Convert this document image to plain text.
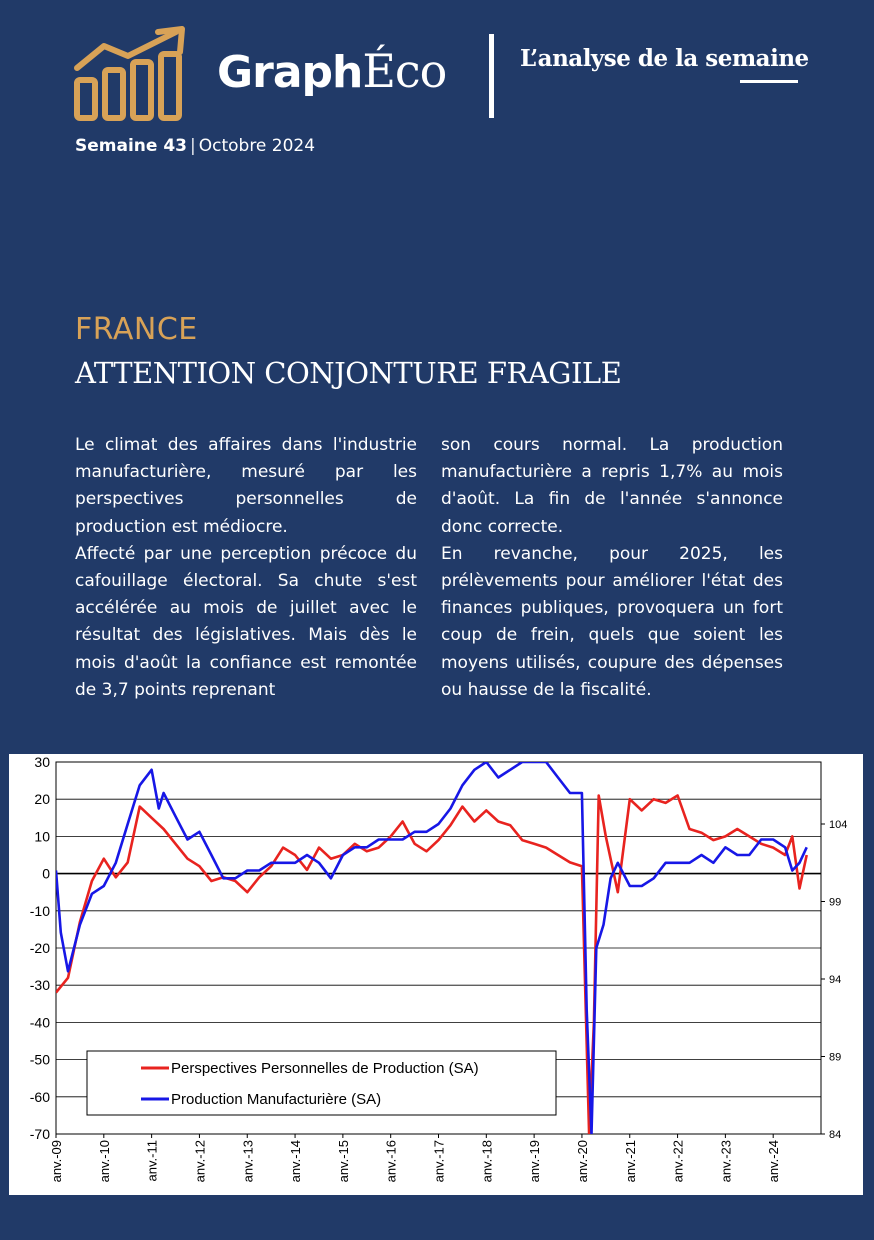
Graph Éco	L’analyse de la semaine
Semaine 43 | Octobre 2024
FRANCE
ATTENTION CONJONTURE FRAGILE

Le climat des affaires dans l'industrie manufacturière, mesuré par les perspectives personnelles de production est médiocre.

Affecté par une perception précoce du cafouillage électoral. Sa chute s'est accélérée au mois de juillet avec le résultat des législatives. Mais dès le mois d'août la confiance est remontée de 3,7 points reprenant

son cours normal. La production manufacturière a repris 1,7% au mois d'août. La fin de l'année s'annonce donc correcte.

En revanche, pour 2025, les prélèvements pour améliorer l'état des finances publiques, provoquera un fort coup de frein, quels que soient les moyens utilisés, coupure des dépenses ou hausse de la fiscalité.

30
20
10
0
-10
-20
-30
-40
-50
-60
-70
104
99
94
89
84
anv.-09	anv.-10	anv.-11	anv.-12	anv.-13	anv.-14	anv.-15	anv.-16	anv.-17	anv.-18	anv.-19	anv.-20	anv.-21	anv.-22	anv.-23	anv.-24
Perspectives Personnelles de Production (SA)
Production Manufacturière (SA)
